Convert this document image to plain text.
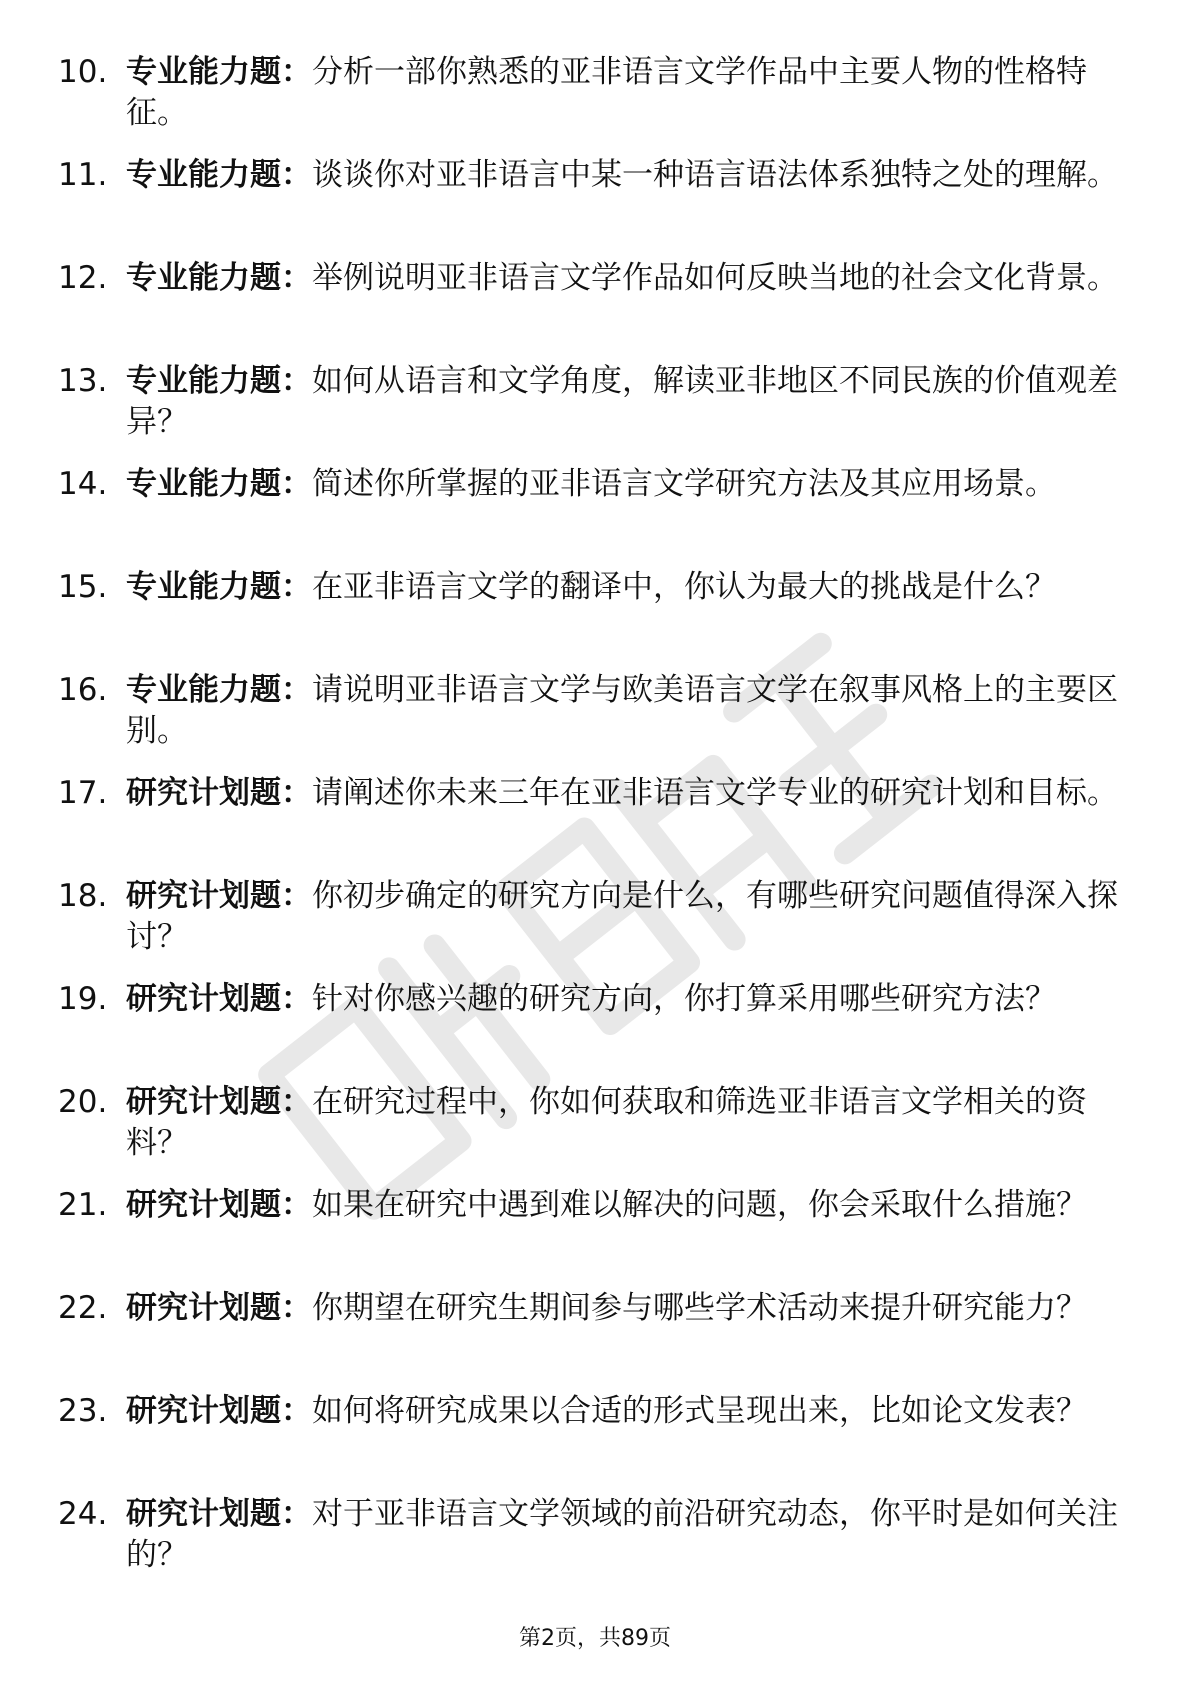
10. 专业能力题：分析一部你熟悉的亚非语言文学作品中主要人物的性格特征。
11. 专业能力题：谈谈你对亚非语言中某一种语言语法体系独特之处的理解。
12. 专业能力题：举例说明亚非语言文学作品如何反映当地的社会文化背景。
13. 专业能力题：如何从语言和文学角度，解读亚非地区不同民族的价值观差异？
14. 专业能力题：简述你所掌握的亚非语言文学研究方法及其应用场景。
15. 专业能力题：在亚非语言文学的翻译中，你认为最大的挑战是什么？
16. 专业能力题：请说明亚非语言文学与欧美语言文学在叙事风格上的主要区别。
17. 研究计划题：请阐述你未来三年在亚非语言文学专业的研究计划和目标。
18. 研究计划题：你初步确定的研究方向是什么，有哪些研究问题值得深入探讨？
19. 研究计划题：针对你感兴趣的研究方向，你打算采用哪些研究方法？
20. 研究计划题：在研究过程中，你如何获取和筛选亚非语言文学相关的资料？
21. 研究计划题：如果在研究中遇到难以解决的问题，你会采取什么措施？
22. 研究计划题：你期望在研究生期间参与哪些学术活动来提升研究能力？
23. 研究计划题：如何将研究成果以合适的形式呈现出来，比如论文发表？
24. 研究计划题：对于亚非语言文学领域的前沿研究动态，你平时是如何关注的？
第2页，共89页
